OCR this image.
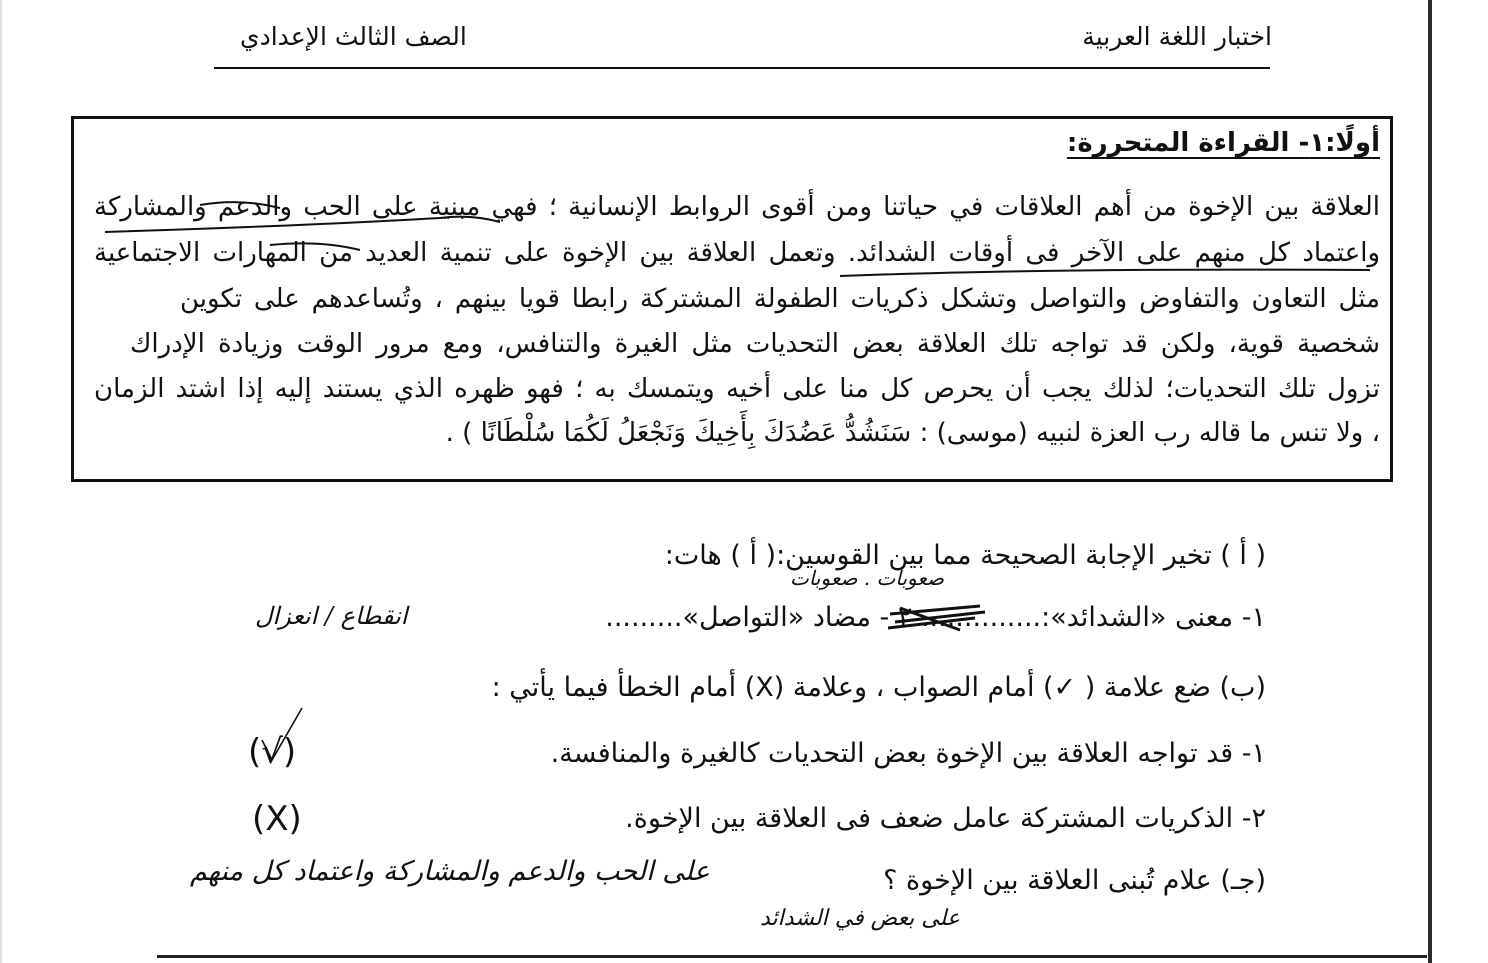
اختبار اللغة العربية
الصف الثالث الإعدادي
أولًا:١- القراءة المتحررة:
العلاقة بين الإخوة من أهم العلاقات في حياتنا ومن أقوى الروابط الإنسانية ؛ فهي مبنية على الحب والدعم والمشاركة
واعتماد كل منهم على الآخر فى أوقات الشدائد. وتعمل العلاقة بين الإخوة على تنمية العديد من المهارات الاجتماعية
مثل التعاون والتفاوض والتواصل وتشكل ذكريات الطفولة المشتركة رابطا قويا بينهم ، وتُساعدهم على تكوين
شخصية قوية، ولكن قد تواجه تلك العلاقة بعض التحديات مثل الغيرة والتنافس، ومع مرور الوقت وزيادة الإدراك
تزول تلك التحديات؛ لذلك يجب أن يحرص كل منا على أخيه ويتمسك به ؛ فهو ظهره الذي يستند إليه إذا اشتد الزمان
، ولا تنس ما قاله رب العزة لنبيه (موسى) : سَنَشُدُّ عَضُدَكَ بِأَخِيكَ وَنَجْعَلُ لَكُمَا سُلْطَانًا ) .
( أ ) تخير الإجابة الصحيحة مما بين القوسين:( أ ) هات:
صعوبات . صعوبات
١- معنى «الشدائد»:.............. ٢ - مضاد «التواصل».........
انقطاع / انعزال
(ب) ضع علامة ( ✓) أمام الصواب ، وعلامة (X) أمام الخطأ فيما يأتي :
١- قد تواجه العلاقة بين الإخوة بعض التحديات كالغيرة والمنافسة.
(√)
٢- الذكريات المشتركة عامل ضعف فى العلاقة بين الإخوة.
(X)
(جـ) علام تُبنى العلاقة بين الإخوة ؟
على الحب والدعم والمشاركة واعتماد كل منهم
على بعض في الشدائد
